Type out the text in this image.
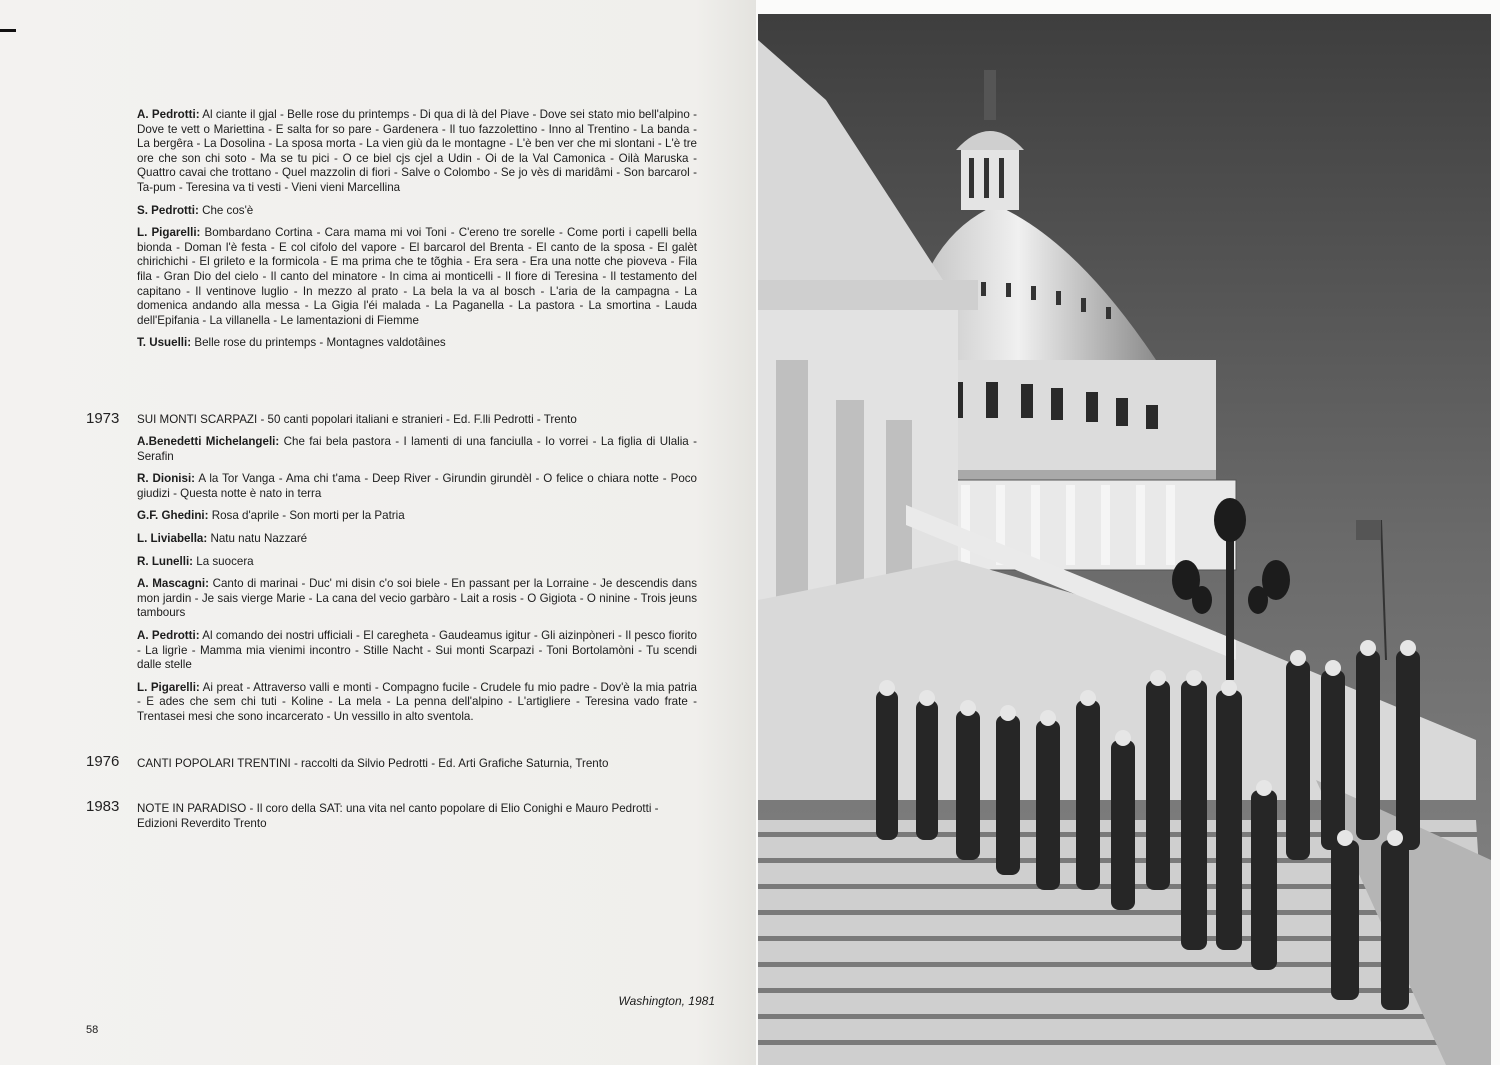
A. Pedrotti: Al ciante il gjal - Belle rose du printemps - Di qua di là del Piave - Dove sei stato mio bell'alpino - Dove te vett o Mariettina - E salta for so pare - Gardenera - Il tuo fazzolettino - Inno al Trentino - La banda - La bergêra - La Dosolina - La sposa morta - La vien giù da le montagne - L'è ben ver che mi slontani - L'è tre ore che son chi soto - Ma se tu pici - O ce biel cjs cjel a Udin - Oi de la Val Camonica - Oilà Maruska - Quattro cavai che trottano - Quel mazzolin di fiori - Salve o Colombo - Se jo vès di maridâmi - Son barcarol - Ta-pum - Teresina va ti vesti - Vieni vieni Marcellina

S. Pedrotti: Che cos'è

L. Pigarelli: Bombardano Cortina - Cara mama mi voi Toni - C'ereno tre sorelle - Come porti i capelli bella bionda - Doman l'è festa - E col cifolo del vapore - El barcarol del Brenta - El canto de la sposa - El galèt chirichichi - El grileto e la formicola - E ma prima che te tõghia - Era sera - Era una notte che pioveva - Fila fila - Gran Dio del cielo - Il canto del minatore - In cima ai monticelli - Il fiore di Teresina - Il testamento del capitano - Il ventinove luglio - In mezzo al prato - La bela la va al bosch - L'aria de la campagna - La domenica andando alla messa - La Gigia l'éi malada - La Paganella - La pastora - La smortina - Lauda dell'Epifania - La villanella - Le lamentazioni di Fiemme

T. Usuelli: Belle rose du printemps - Montagnes valdotâines

1973 SUI MONTI SCARPAZI - 50 canti popolari italiani e stranieri - Ed. F.lli Pedrotti - Trento

A.Benedetti Michelangeli: Che fai bela pastora - I lamenti di una fanciulla - Io vorrei - La figlia di Ulalia - Serafin

R. Dionisi: A la Tor Vanga - Ama chi t'ama - Deep River - Girundin girundèl - O felice o chiara notte - Poco giudizi - Questa notte è nato in terra

G.F. Ghedini: Rosa d'aprile - Son morti per la Patria

L. Liviabella: Natu natu Nazzaré

R. Lunelli: La suocera

A. Mascagni: Canto di marinai - Duc' mi disin c'o soi biele - En passant per la Lorraine - Je descendis dans mon jardin - Je sais vierge Marie - La cana del vecio garbàro - Lait a rosis - O Gigiota - O ninine - Trois jeuns tambours

A. Pedrotti: Al comando dei nostri ufficiali - El caregheta - Gaudeamus igitur - Gli aizinpòneri - Il pesco fiorito - La ligrìe - Mamma mia vienimi incontro - Stille Nacht - Sui monti Scarpazi - Toni Bortolamòni - Tu scendi dalle stelle

L. Pigarelli: Ai preat - Attraverso valli e monti - Compagno fucile - Crudele fu mio padre - Dov'è la mia patria - E ades che sem chi tuti - Koline - La mela - La penna dell'alpino - L'artigliere - Teresina vado frate - Trentasei mesi che sono incarcerato - Un vessillo in alto sventola.

1976 CANTI POPOLARI TRENTINI - raccolti da Silvio Pedrotti - Ed. Arti Grafiche Saturnia, Trento
1983 NOTE IN PARADISO - Il coro della SAT: una vita nel canto popolare di Elio Conighi e Mauro Pedrotti - Edizioni Reverdito Trento
Washington, 1981
58
